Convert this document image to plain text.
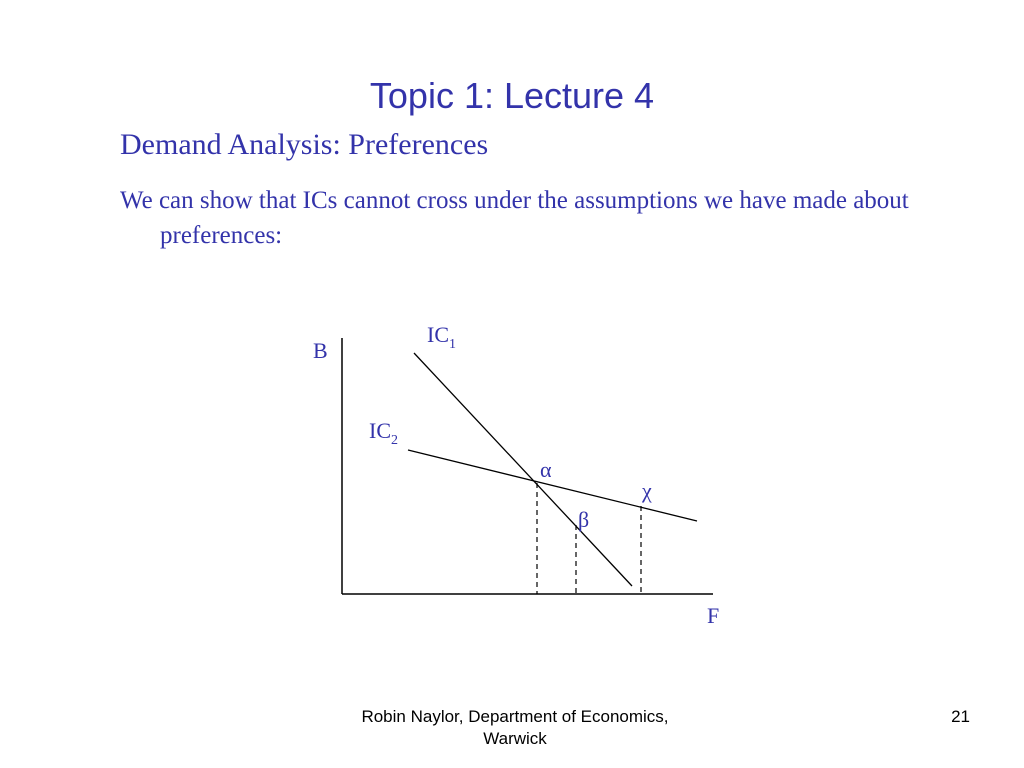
Topic 1: Lecture 4
Demand Analysis: Preferences

We can show that ICs cannot cross under the assumptions we have made about preferences:

B
F
$IC_1$
$IC_2$
α
β
χ
Robin Naylor, Department of Economics, Warwick
21
